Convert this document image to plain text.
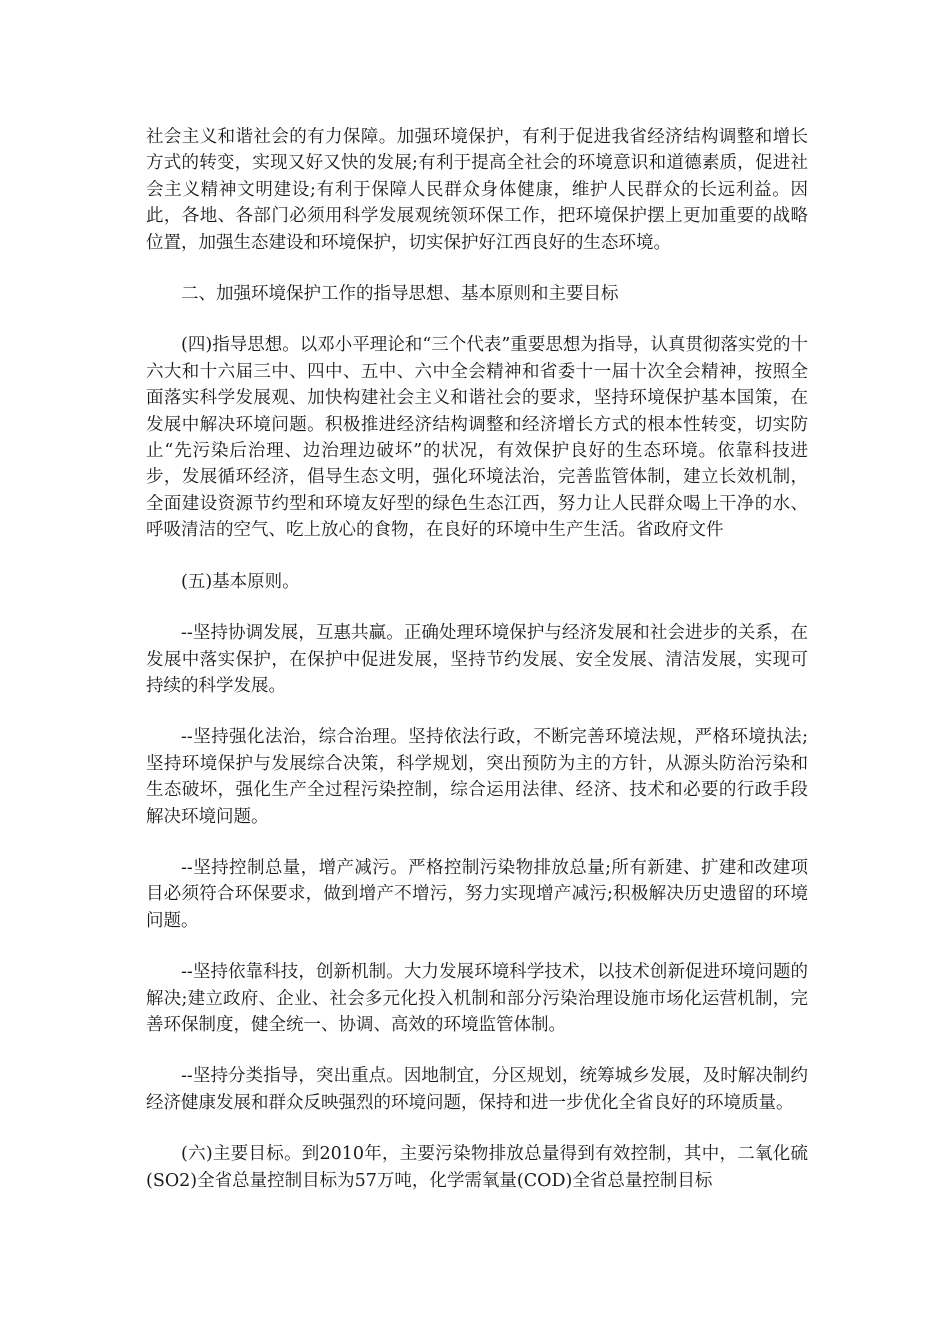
社会主义和谐社会的有力保障。加强环境保护，有利于促进我省经济结构调整和增长方式的转变，实现又好又快的发展;有利于提高全社会的环境意识和道德素质，促进社会主义精神文明建设;有利于保障人民群众身体健康，维护人民群众的长远利益。因此，各地、各部门必须用科学发展观统领环保工作，把环境保护摆上更加重要的战略位置，加强生态建设和环境保护，切实保护好江西良好的生态环境。

二、加强环境保护工作的指导思想、基本原则和主要目标

(四)指导思想。以邓小平理论和“三个代表”重要思想为指导，认真贯彻落实党的十六大和十六届三中、四中、五中、六中全会精神和省委十一届十次全会精神，按照全面落实科学发展观、加快构建社会主义和谐社会的要求，坚持环境保护基本国策，在发展中解决环境问题。积极推进经济结构调整和经济增长方式的根本性转变，切实防止“先污染后治理、边治理边破坏”的状况，有效保护良好的生态环境。依靠科技进步，发展循环经济，倡导生态文明，强化环境法治，完善监管体制，建立长效机制，全面建设资源节约型和环境友好型的绿色生态江西，努力让人民群众喝上干净的水、呼吸清洁的空气、吃上放心的食物，在良好的环境中生产生活。省政府文件

(五)基本原则。

--坚持协调发展，互惠共赢。正确处理环境保护与经济发展和社会进步的关系，在发展中落实保护，在保护中促进发展，坚持节约发展、安全发展、清洁发展，实现可持续的科学发展。

--坚持强化法治，综合治理。坚持依法行政，不断完善环境法规，严格环境执法;坚持环境保护与发展综合决策，科学规划，突出预防为主的方针，从源头防治污染和生态破坏，强化生产全过程污染控制，综合运用法律、经济、技术和必要的行政手段解决环境问题。

--坚持控制总量，增产减污。严格控制污染物排放总量;所有新建、扩建和改建项目必须符合环保要求，做到增产不增污，努力实现增产减污;积极解决历史遗留的环境问题。

--坚持依靠科技，创新机制。大力发展环境科学技术，以技术创新促进环境问题的解决;建立政府、企业、社会多元化投入机制和部分污染治理设施市场化运营机制，完善环保制度，健全统一、协调、高效的环境监管体制。

--坚持分类指导，突出重点。因地制宜，分区规划，统筹城乡发展，及时解决制约经济健康发展和群众反映强烈的环境问题，保持和进一步优化全省良好的环境质量。

(六)主要目标。到2010年，主要污染物排放总量得到有效控制，其中，二氧化硫(SO2)全省总量控制目标为57万吨，化学需氧量(COD)全省总量控制目标
